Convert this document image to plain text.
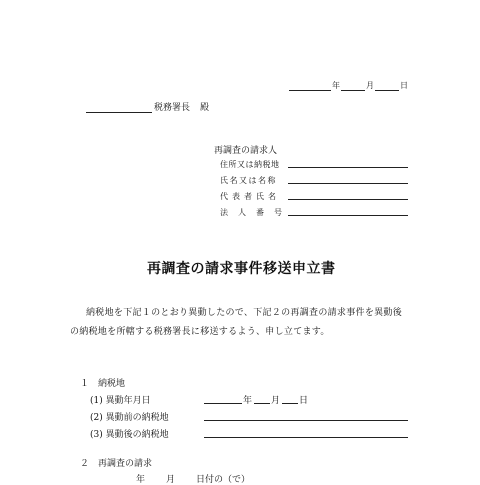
年	月	日
税務署長 殿
再調査の請求人
住所又は納税地
氏名又は名称
代表者氏名
法人番号
再調査の請求事件移送申立書
納税地を下記１のとおり異動したので、下記２の再調査の請求事件を異動後
の納税地を所轄する税務署長に移送するよう、申し立てます。
１　納税地
(1) 異動年月日	年 月 日
(2) 異動前の納税地
(3) 異動後の納税地
２　再調査の請求
年 月 日付の（で）
